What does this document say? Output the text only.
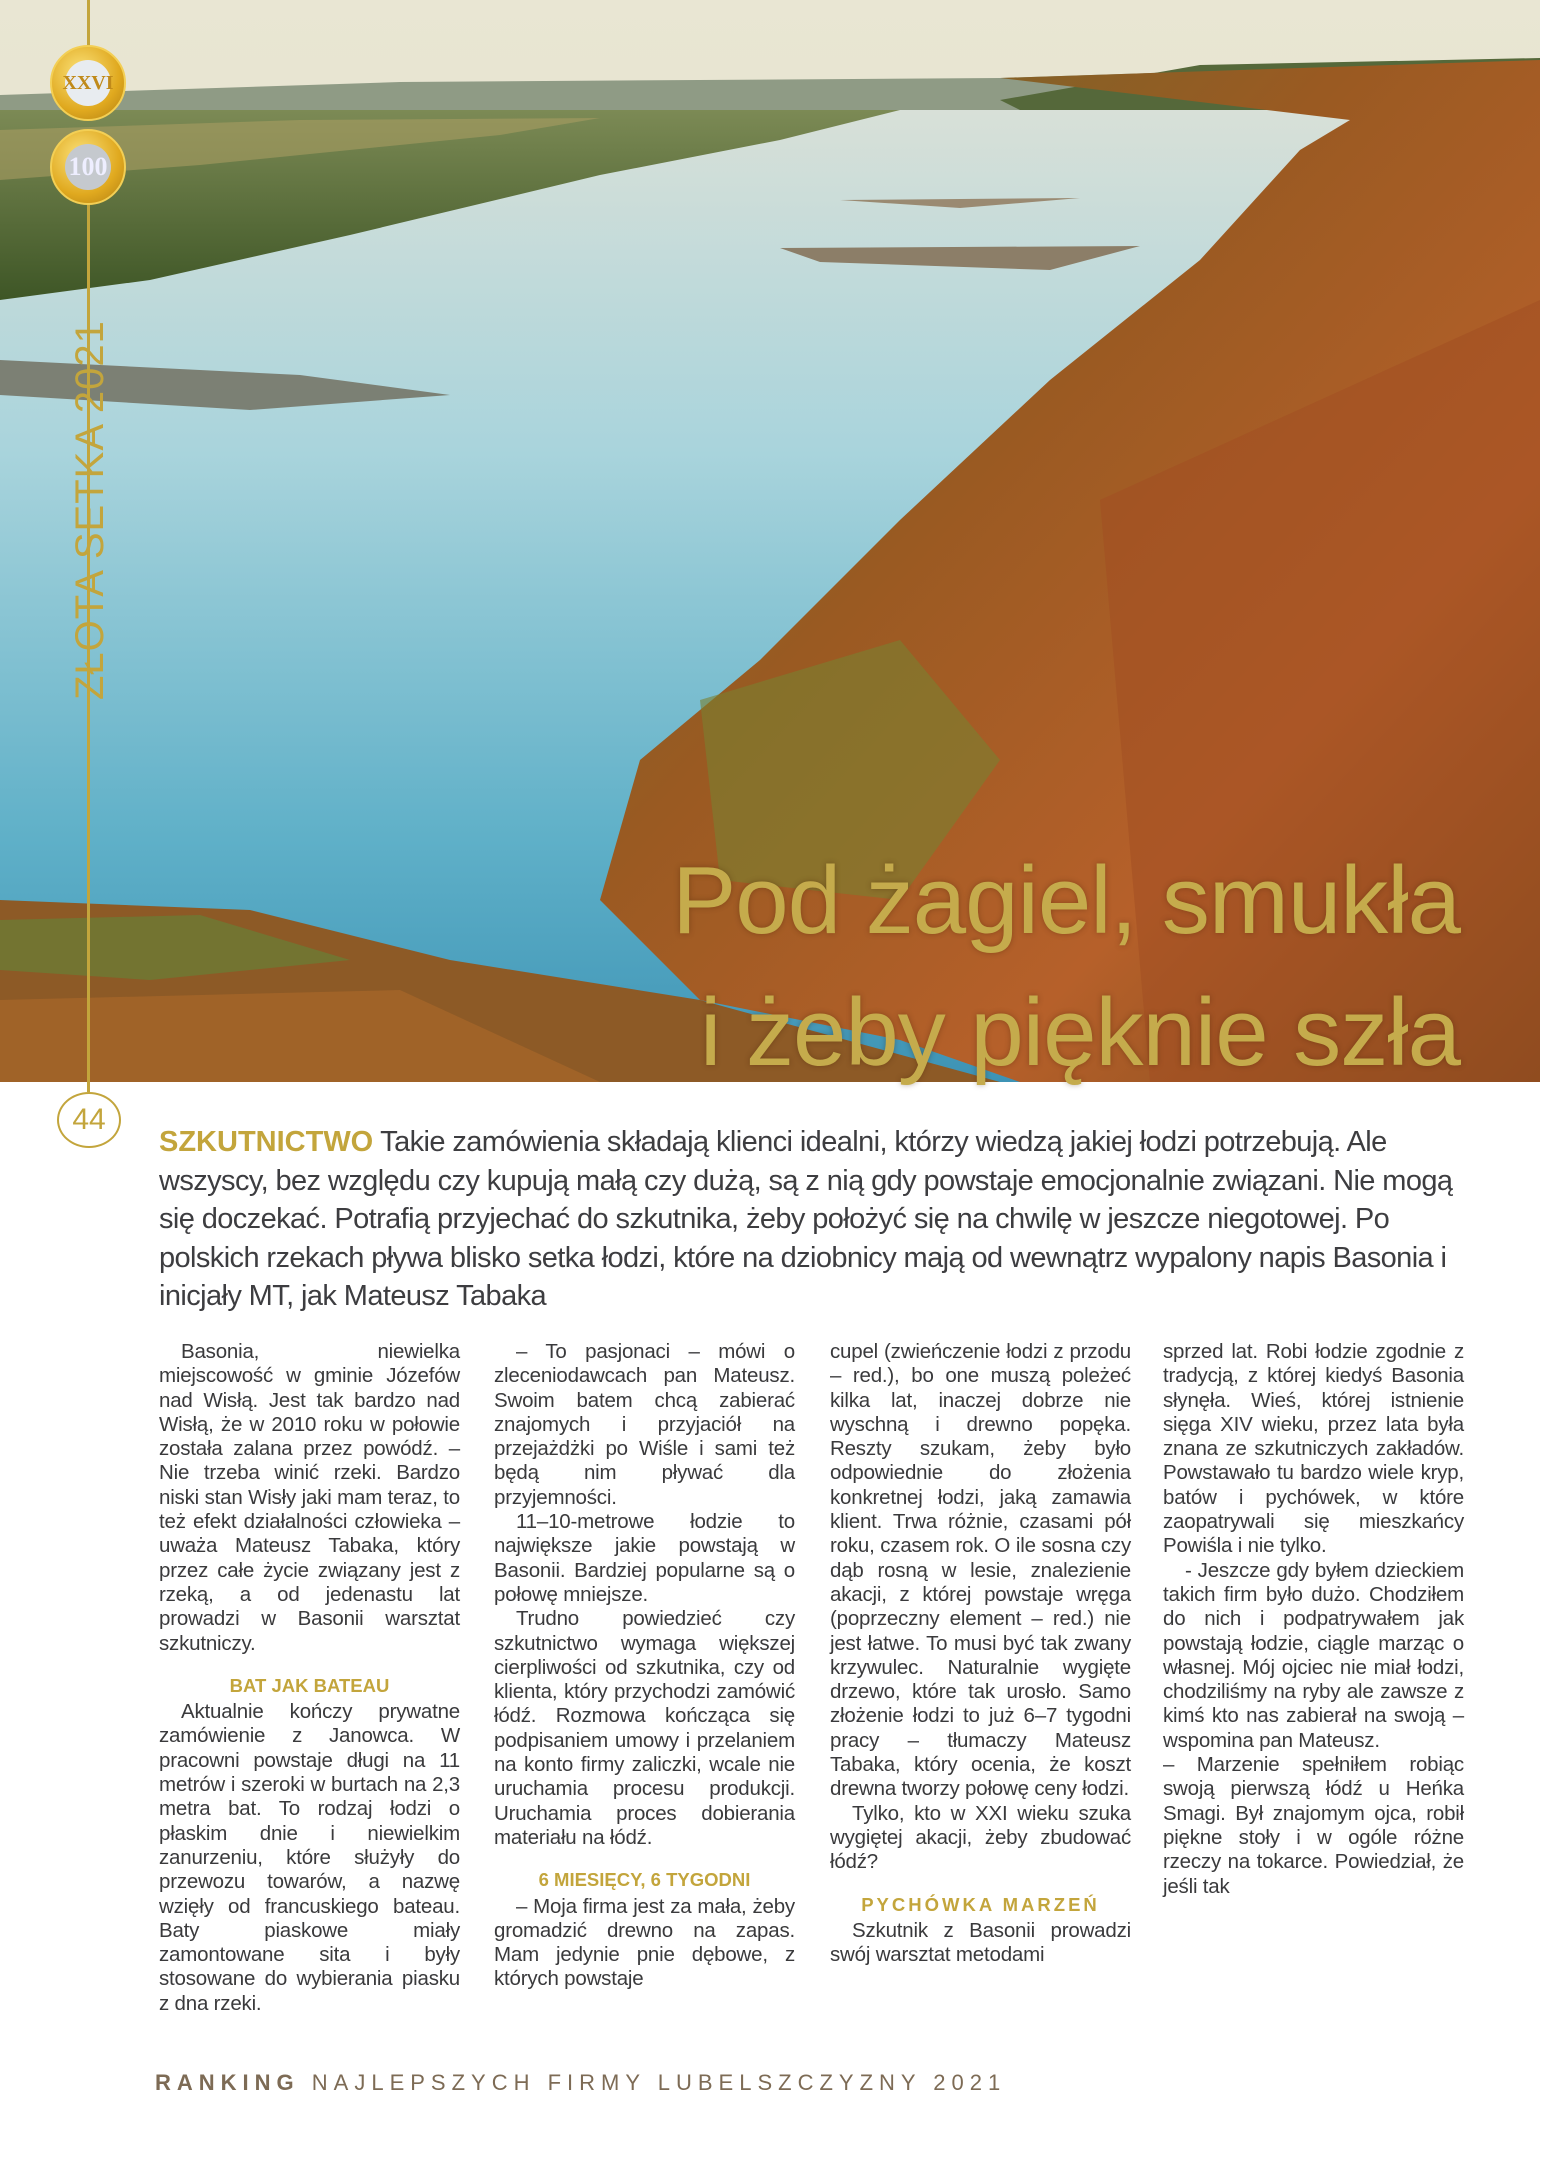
XXVI
100
ZŁOTA SETKA 2021
Pod żagiel, smukła
i żeby pięknie szła
44
SZKUTNICTWO Takie zamówienia składają klienci idealni, którzy wiedzą jakiej łodzi potrzebują. Ale wszyscy, bez względu czy kupują małą czy dużą, są z nią gdy powstaje emocjonalnie związani. Nie mogą się doczekać. Potrafią przyjechać do szkutnika, żeby położyć się na chwilę w jeszcze niegotowej. Po polskich rzekach pływa blisko setka łodzi, które na dziobnicy mają od wewnątrz wypalony napis Basonia i inicjały MT, jak Mateusz Tabaka

Basonia, niewielka miejscowość w gminie Józefów nad Wisłą. Jest tak bardzo nad Wisłą, że w 2010 roku w połowie została zalana przez powódź. – Nie trzeba winić rzeki. Bardzo niski stan Wisły jaki mam teraz, to też efekt działalności człowieka – uważa Mateusz Tabaka, który przez całe życie związany jest z rzeką, a od jedenastu lat prowadzi w Basonii warsztat szkutniczy.

BAT JAK BATEAU

Aktualnie kończy prywatne zamówienie z Janowca. W pracowni powstaje długi na 11 metrów i szeroki w burtach na 2,3 metra bat. To rodzaj łodzi o płaskim dnie i niewielkim zanurzeniu, które służyły do przewozu towarów, a nazwę wzięły od francuskiego bateau. Baty piaskowe miały zamontowane sita i były stosowane do wybierania piasku z dna rzeki.

– To pasjonaci – mówi o zleceniodawcach pan Mateusz. Swoim batem chcą zabierać znajomych i przyjaciół na przejażdżki po Wiśle i sami też będą nim pływać dla przyjemności.

11–10-metrowe łodzie to największe jakie powstają w Basonii. Bardziej popularne są o połowę mniejsze.

Trudno powiedzieć czy szkutnictwo wymaga większej cierpliwości od szkutnika, czy od klienta, który przychodzi zamówić łódź. Rozmowa kończąca się podpisaniem umowy i przelaniem na konto firmy zaliczki, wcale nie uruchamia procesu produkcji. Uruchamia proces dobierania materiału na łódź.

6 MIESIĘCY, 6 TYGODNI

– Moja firma jest za mała, żeby gromadzić drewno na zapas. Mam jedynie pnie dębowe, z których powstaje

cupel (zwieńczenie łodzi z przodu – red.), bo one muszą poleżeć kilka lat, inaczej dobrze nie wyschną i drewno popęka. Reszty szukam, żeby było odpowiednie do złożenia konkretnej łodzi, jaką zamawia klient. Trwa różnie, czasami pół roku, czasem rok. O ile sosna czy dąb rosną w lesie, znalezienie akacji, z której powstaje wręga (poprzeczny element – red.) nie jest łatwe. To musi być tak zwany krzywulec. Naturalnie wygięte drzewo, które tak urosło. Samo złożenie łodzi to już 6–7 tygodni pracy – tłumaczy Mateusz Tabaka, który ocenia, że koszt drewna tworzy połowę ceny łodzi.

Tylko, kto w XXI wieku szuka wygiętej akacji, żeby zbudować łódź?

PYCHÓWKA MARZEŃ

Szkutnik z Basonii prowadzi swój warsztat metodami

sprzed lat. Robi łodzie zgodnie z tradycją, z której kiedyś Basonia słynęła. Wieś, której istnienie sięga XIV wieku, przez lata była znana ze szkutniczych zakładów. Powstawało tu bardzo wiele kryp, batów i pychówek, w które zaopatrywali się mieszkańcy Powiśla i nie tylko.

- Jeszcze gdy byłem dzieckiem takich firm było dużo. Chodziłem do nich i podpatrywałem jak powstają łodzie, ciągle marząc o własnej. Mój ojciec nie miał łodzi, chodziliśmy na ryby ale zawsze z kimś kto nas zabierał na swoją – wspomina pan Mateusz.

– Marzenie spełniłem robiąc swoją pierwszą łódź u Heńka Smagi. Był znajomym ojca, robił piękne stoły i w ogóle różne rzeczy na tokarce. Powiedział, że jeśli tak

RANKING NAJLEPSZYCH FIRMY LUBELSZCZYZNY 2021
